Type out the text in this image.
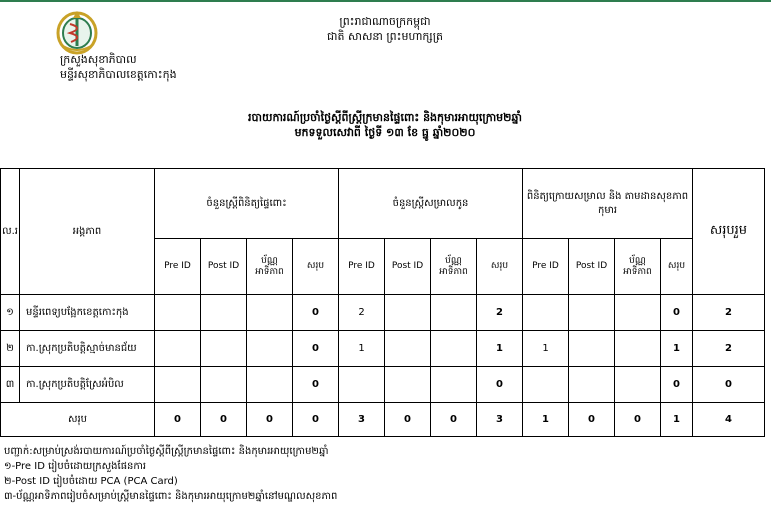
ក្រសួងសុខាភិបាល
មន្ទីរសុខាភិបាលខេត្តកោះកុង
ព្រះរាជាណាចក្រកម្ពុជា
ជាតិ សាសនា ព្រះមហាក្សត្រ
របាយការណ៍ប្រចាំថ្ងៃស្ដីពីស្ត្រីក្រមានផ្ទៃពោះ និងកុមារអាយុក្រោម២ឆ្នាំ
មកទទួលសេវាពី ថ្ងៃទី ១៣ ខែ ធ្នូ ឆ្នាំ២០២០
ល.រ	អង្គភាព	ចំនួនស្ត្រីពិនិត្យផ្ទៃពោះ				ចំនួនស្ត្រីសម្រាលកូន				ពិនិត្យក្រោយសម្រាល និង តាមដានសុខភាពកុមារ				សរុបរួម
		Pre ID	Post ID	ប័ណ្ណអាទិភាព	សរុប	Pre ID	Post ID	ប័ណ្ណអាទិភាព	សរុប	Pre ID	Post ID	ប័ណ្ណអាទិភាព	សរុប	
១	មន្ទីរពេទ្យបង្អែកខេត្តកោះកុង				0	2			2				0	2
២	កា.ស្រុកប្រតិបត្តិស្មាច់មានជ័យ				0	1			1	1			1	2
៣	កា.ស្រុកប្រតិបត្តិស្រែអំបិល				0				0				0	0
សរុប		0	0	0	0	3	0	0	3	1	0	0	1	4
បញ្ជាក់:សម្រាប់ស្រង់របាយការណ៍ប្រចាំថ្ងៃស្ដីពីស្ត្រីក្រមានផ្ទៃពោះ និងកុមារអាយុក្រោម២ឆ្នាំ
១-Pre ID រៀបចំដោយក្រសួងផែនការ
២-Post ID រៀបចំដោយ PCA (PCA Card)
៣-ប័ណ្ណអាទិភាពរៀបចំសម្រាប់ស្ត្រីមានផ្ទៃពោះ និងកុមារអាយុក្រោម២ឆ្នាំនៅមណ្ឌលសុខភាព
